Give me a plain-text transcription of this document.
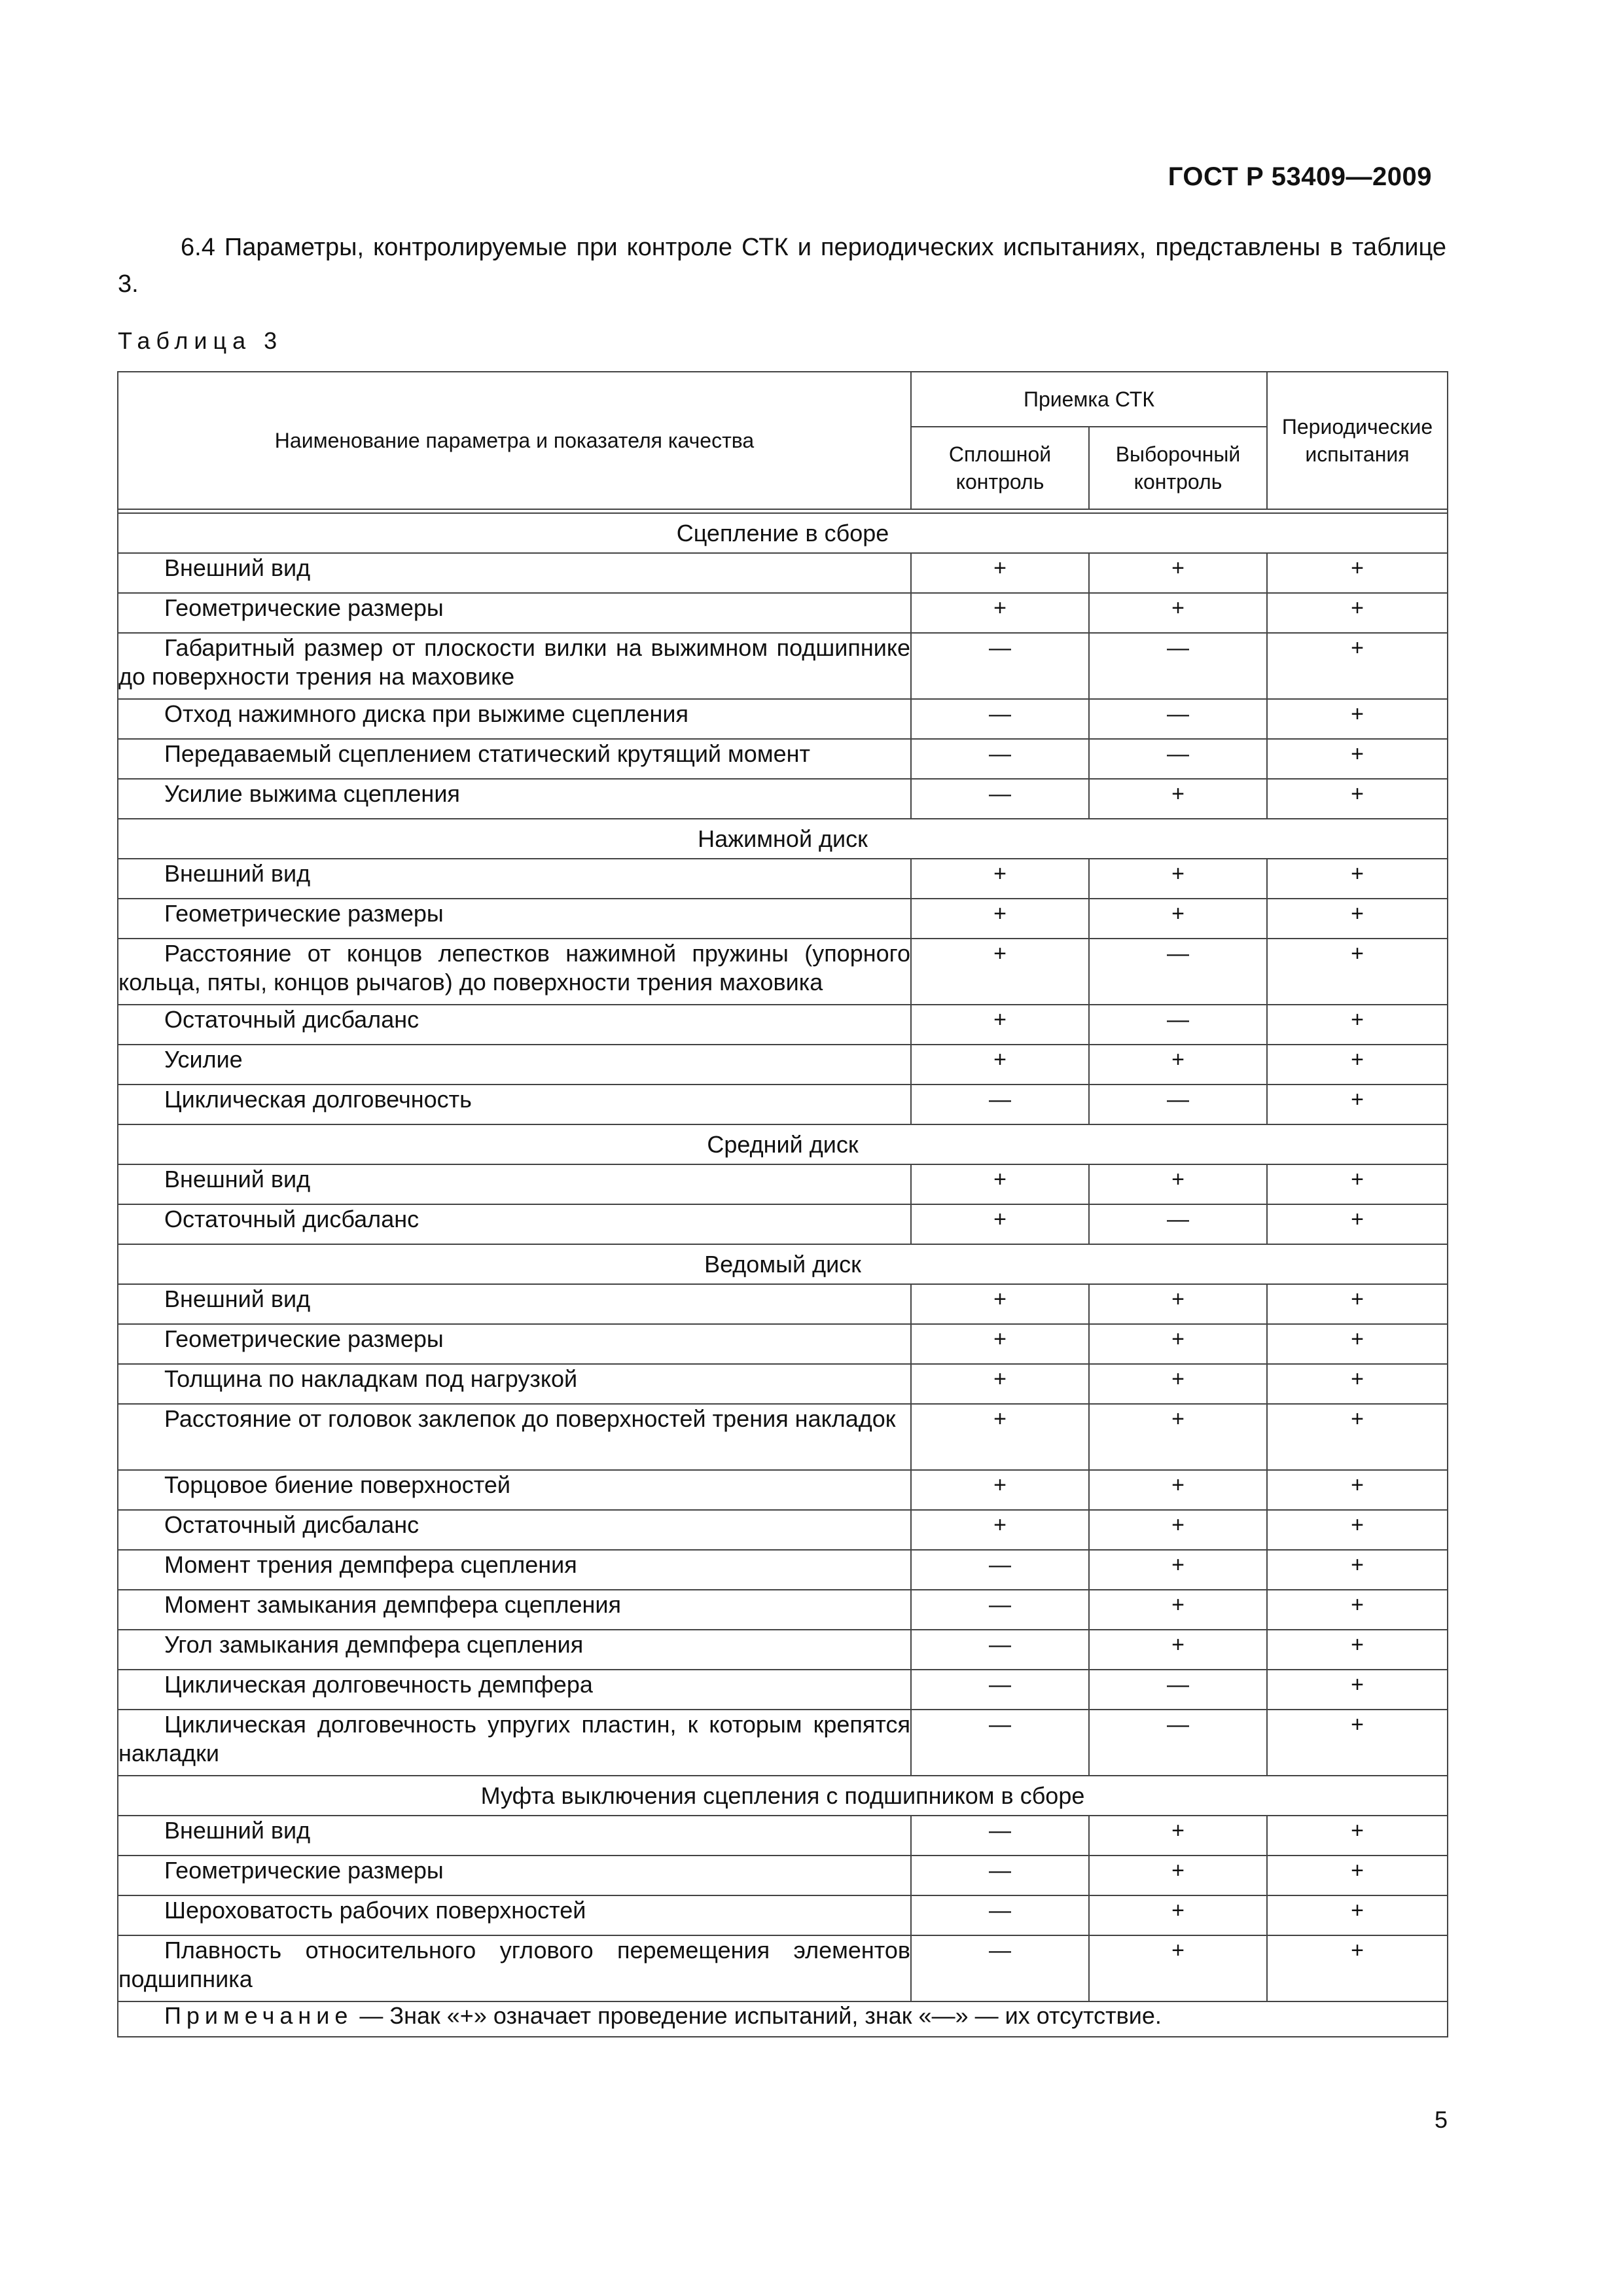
ГОСТ Р 53409—2009

6.4 Параметры, контролируемые при контроле СТК и периодических испытаниях, представлены в таблице 3.

Таблица 3
Наименование параметра и показателя качества	Приемка СТК		Периодические испытания
	Сплошной контроль	Выборочный контроль	

Сцепление в сборе			
Внешний вид	+	+	+
Геометрические размеры	+	+	+
Габаритный размер от плоскости вилки на выжимном подшипнике до поверхности трения на маховике	—	—	+
Отход нажимного диска при выжиме сцепления	—	—	+
Передаваемый сцеплением статический крутящий момент	—	—	+
Усилие выжима сцепления	—	+	+
Нажимной диск			
Внешний вид	+	+	+
Геометрические размеры	+	+	+
Расстояние от концов лепестков нажимной пружины (упорного кольца, пяты, концов рычагов) до поверхности трения маховика	+	—	+
Остаточный дисбаланс	+	—	+
Усилие	+	+	+
Циклическая долговечность	—	—	+
Средний диск			
Внешний вид	+	+	+
Остаточный дисбаланс	+	—	+
Ведомый диск			
Внешний вид	+	+	+
Геометрические размеры	+	+	+
Толщина по накладкам под нагрузкой	+	+	+
Расстояние от головок заклепок до поверхностей трения накладок	+	+	+
Торцовое биение поверхностей	+	+	+
Остаточный дисбаланс	+	+	+
Момент трения демпфера сцепления	—	+	+
Момент замыкания демпфера сцепления	—	+	+
Угол замыкания демпфера сцепления	—	+	+
Циклическая долговечность демпфера	—	—	+
Циклическая долговечность упругих пластин, к которым крепятся накладки	—	—	+
Муфта выключения сцепления с подшипником в сборе			
Внешний вид	—	+	+
Геометрические размеры	—	+	+
Шероховатость рабочих поверхностей	—	+	+
Плавность относительного углового перемещения элементов подшипника	—	+	+
Примечание — Знак «+» означает проведение испытаний, знак «—» — их отсутствие.			
5
